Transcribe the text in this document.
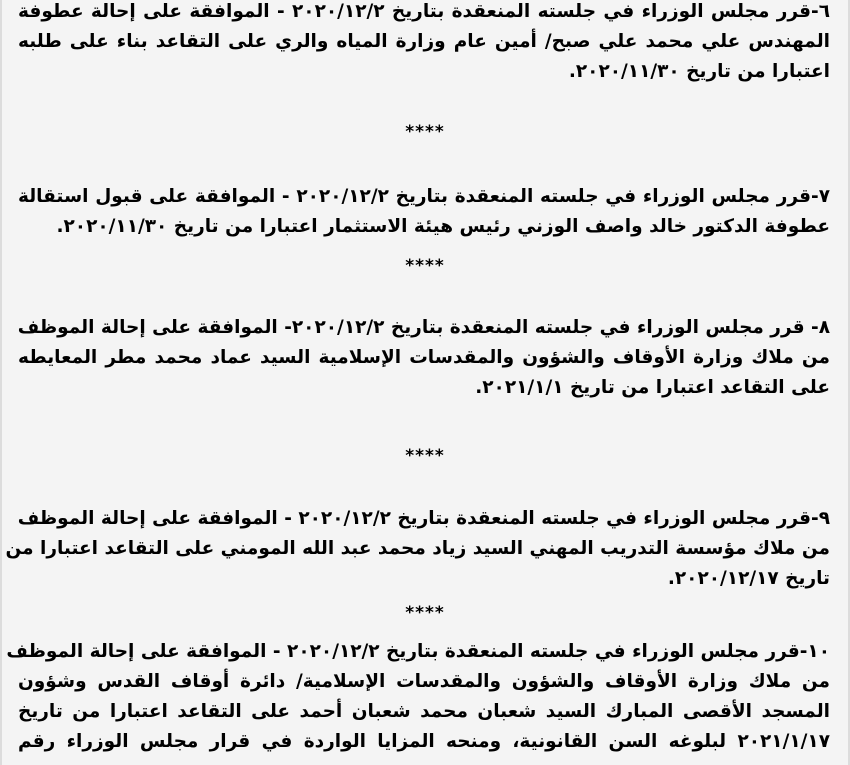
٦-قرر مجلس الوزراء في جلسته المنعقدة بتاريخ ٢٠٢٠/١٢/٢ - الموافقة على إحالة عطوفة
المهندس علي محمد علي صبح/ أمين عام وزارة المياه والري على التقاعد بناء على طلبه
اعتبارا من تاريخ ٢٠٢٠/١١/٣٠.
****
٧-قرر مجلس الوزراء في جلسته المنعقدة بتاريخ ٢٠٢٠/١٢/٢ - الموافقة على قبول استقالة
عطوفة الدكتور خالد واصف الوزني رئيس هيئة الاستثمار اعتبارا من تاريخ ٢٠٢٠/١١/٣٠.
****
٨- قرر مجلس الوزراء في جلسته المنعقدة بتاريخ ٢٠٢٠/١٢/٢- الموافقة على إحالة الموظف
من ملاك وزارة الأوقاف والشؤون والمقدسات الإسلامية السيد عماد محمد مطر المعايطه
على التقاعد اعتبارا من تاريخ ٢٠٢١/١/١.
****
٩-قرر مجلس الوزراء في جلسته المنعقدة بتاريخ ٢٠٢٠/١٢/٢ - الموافقة على إحالة الموظف
من ملاك مؤسسة التدريب المهني السيد زياد محمد عبد الله المومني على التقاعد اعتبارا من
تاريخ ٢٠٢٠/١٢/١٧.
****
١٠-قرر مجلس الوزراء في جلسته المنعقدة بتاريخ ٢٠٢٠/١٢/٢ - الموافقة على إحالة الموظف
من ملاك وزارة الأوقاف والشؤون والمقدسات الإسلامية/ دائرة أوقاف القدس وشؤون
المسجد الأقصى المبارك السيد شعبان محمد شعبان أحمد على التقاعد اعتبارا من تاريخ
٢٠٢١/١/١٧ لبلوغه السن القانونية، ومنحه المزايا الواردة في قرار مجلس الوزراء رقم
